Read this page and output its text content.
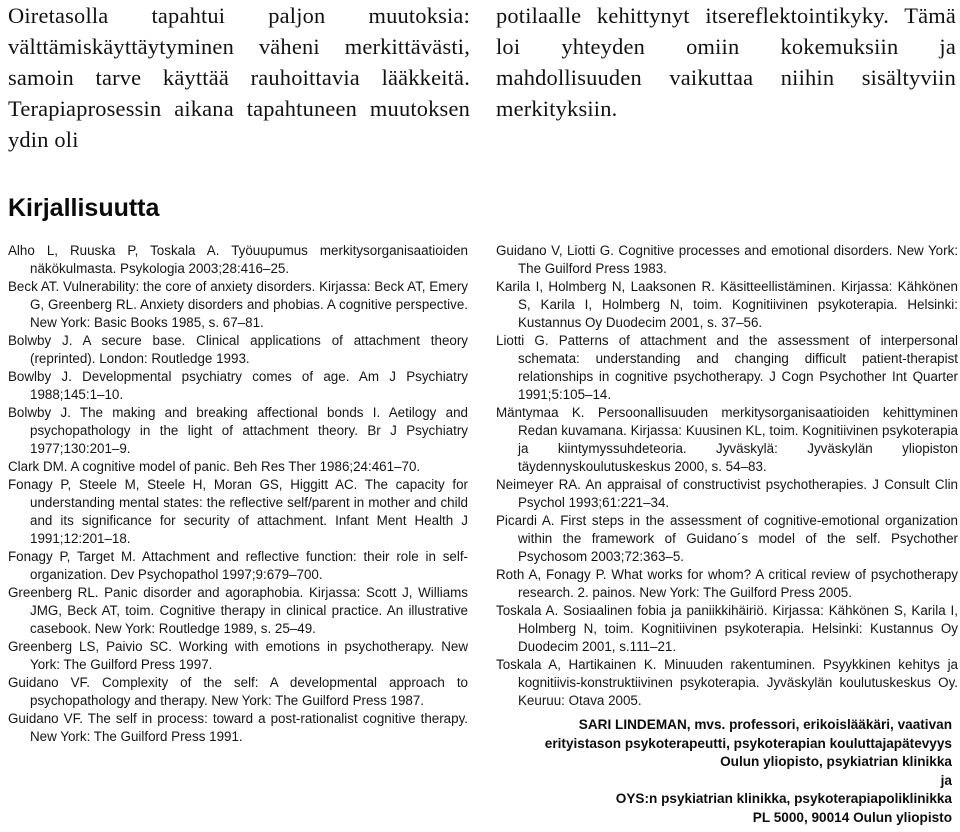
Oiretasolla tapahtui paljon muutoksia: välttämiskäyttäytyminen väheni merkittävästi, samoin tarve käyttää rauhoittavia lääkkeitä. Terapiaprosessin aikana tapahtuneen muutoksen ydin oli

potilaalle kehittynyt itsereflektointikyky. Tämä loi yhteyden omiin kokemuksiin ja mahdollisuuden vaikuttaa niihin sisältyviin merkityksiin.

Kirjallisuutta
Alho L, Ruuska P, Toskala A. Työuupumus merkitysorganisaatioiden näkökulmasta. Psykologia 2003;28:416–25.
Beck AT. Vulnerability: the core of anxiety disorders. Kirjassa: Beck AT, Emery G, Greenberg RL. Anxiety disorders and phobias. A cognitive perspective. New York: Basic Books 1985, s. 67–81.
Bolwby J. A secure base. Clinical applications of attachment theory (reprinted). London: Routledge 1993.
Bowlby J. Developmental psychiatry comes of age. Am J Psychiatry 1988;145:1–10.
Bolwby J. The making and breaking affectional bonds I. Aetilogy and psychopathology in the light of attachment theory. Br J Psychiatry 1977;130:201–9.
Clark DM. A cognitive model of panic. Beh Res Ther 1986;24:461–70.
Fonagy P, Steele M, Steele H, Moran GS, Higgitt AC. The capacity for understanding mental states: the reflective self/parent in mother and child and its significance for security of attachment. Infant Ment Health J 1991;12:201–18.
Fonagy P, Target M. Attachment and reflective function: their role in self-organization. Dev Psychopathol 1997;9:679–700.
Greenberg RL. Panic disorder and agoraphobia. Kirjassa: Scott J, Williams JMG, Beck AT, toim. Cognitive therapy in clinical practice. An illustrative casebook. New York: Routledge 1989, s. 25–49.
Greenberg LS, Paivio SC. Working with emotions in psychotherapy. New York: The Guilford Press 1997.
Guidano VF. Complexity of the self: A developmental approach to psychopathology and therapy. New York: The Guilford Press 1987.
Guidano VF. The self in process: toward a post-rationalist cognitive therapy. New York: The Guilford Press 1991.
Guidano V, Liotti G. Cognitive processes and emotional disorders. New York: The Guilford Press 1983.
Karila I, Holmberg N, Laaksonen R. Käsitteellistäminen. Kirjassa: Kähkönen S, Karila I, Holmberg N, toim. Kognitiivinen psykoterapia. Helsinki: Kustannus Oy Duodecim 2001, s. 37–56.
Liotti G. Patterns of attachment and the assessment of interpersonal schemata: understanding and changing difficult patient-therapist relationships in cognitive psychotherapy. J Cogn Psychother Int Quarter 1991;5:105–14.
Mäntymaa K. Persoonallisuuden merkitysorganisaatioiden kehittyminen Redan kuvamana. Kirjassa: Kuusinen KL, toim. Kognitiivinen psykoterapia ja kiintymyssuhdeteoria. Jyväskylä: Jyväskylän yliopiston täydennyskoulutuskeskus 2000, s. 54–83.
Neimeyer RA. An appraisal of constructivist psychotherapies. J Consult Clin Psychol 1993;61:221–34.
Picardi A. First steps in the assessment of cognitive-emotional organization within the framework of Guidano´s model of the self. Psychother Psychosom 2003;72:363–5.
Roth A, Fonagy P. What works for whom? A critical review of psychotherapy research. 2. painos. New York: The Guilford Press 2005.
Toskala A. Sosiaalinen fobia ja paniikkihäiriö. Kirjassa: Kähkönen S, Karila I, Holmberg N, toim. Kognitiivinen psykoterapia. Helsinki: Kustannus Oy Duodecim 2001, s.111–21.
Toskala A, Hartikainen K. Minuuden rakentuminen. Psyykkinen kehitys ja kognitiivis-konstruktiivinen psykoterapia. Jyväskylän koulutuskeskus Oy. Keuruu: Otava 2005.
SARI LINDEMAN, mvs. professori, erikoislääkäri, vaativan
erityistason psykoterapeutti, psykoterapian kouluttajapätevyys
Oulun yliopisto, psykiatrian klinikka
ja
OYS:n psykiatrian klinikka, psykoterapiapoliklinikka
PL 5000, 90014 Oulun yliopisto
